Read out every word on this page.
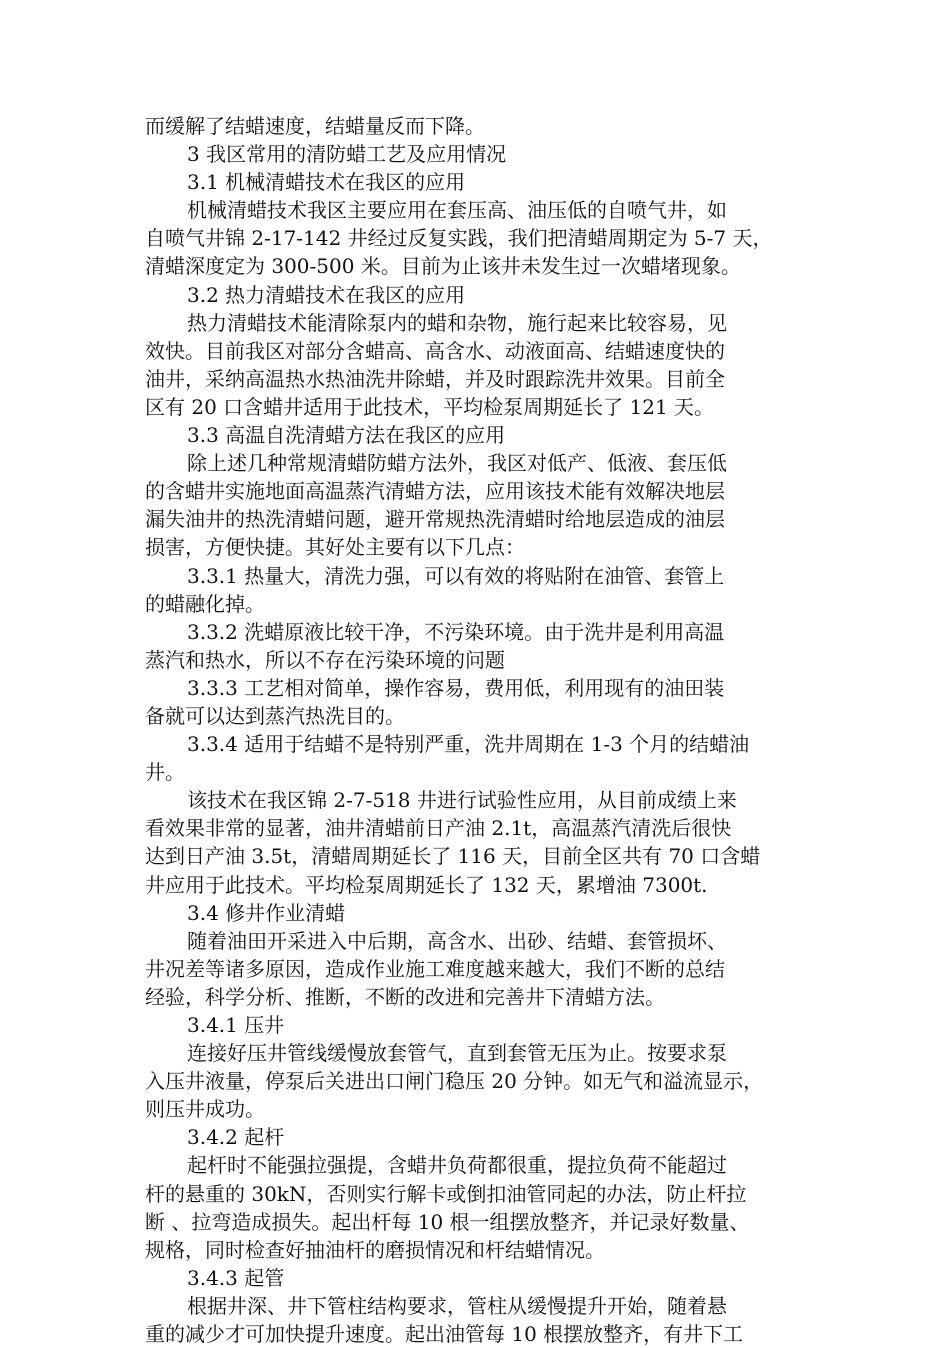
而缓解了结蜡速度，结蜡量反而下降。
3 我区常用的清防蜡工艺及应用情况
3.1 机械清蜡技术在我区的应用
机械清蜡技术我区主要应用在套压高、油压低的自喷气井，如
自喷气井锦 2-17-142 井经过反复实践，我们把清蜡周期定为 5-7 天，
清蜡深度定为 300-500 米。目前为止该井未发生过一次蜡堵现象。
3.2 热力清蜡技术在我区的应用
热力清蜡技术能清除泵内的蜡和杂物，施行起来比较容易，见
效快。目前我区对部分含蜡高、高含水、动液面高、结蜡速度快的
油井，采纳高温热水热油洗井除蜡，并及时跟踪洗井效果。目前全
区有 20 口含蜡井适用于此技术，平均检泵周期延长了 121 天。
3.3 高温自洗清蜡方法在我区的应用
除上述几种常规清蜡防蜡方法外，我区对低产、低液、套压低
的含蜡井实施地面高温蒸汽清蜡方法，应用该技术能有效解决地层
漏失油井的热洗清蜡问题，避开常规热洗清蜡时给地层造成的油层
损害，方便快捷。其好处主要有以下几点：
3.3.1 热量大，清洗力强，可以有效的将贴附在油管、套管上
的蜡融化掉。
3.3.2 洗蜡原液比较干净，不污染环境。由于洗井是利用高温
蒸汽和热水，所以不存在污染环境的问题
3.3.3 工艺相对简单，操作容易，费用低，利用现有的油田装
备就可以达到蒸汽热洗目的。
3.3.4 适用于结蜡不是特别严重，洗井周期在 1-3 个月的结蜡油
井。
该技术在我区锦 2-7-518 井进行试验性应用，从目前成绩上来
看效果非常的显著，油井清蜡前日产油 2.1t，高温蒸汽清洗后很快
达到日产油 3.5t，清蜡周期延长了 116 天，目前全区共有 70 口含蜡
井应用于此技术。平均检泵周期延长了 132 天，累增油 7300t.
3.4 修井作业清蜡
随着油田开采进入中后期，高含水、出砂、结蜡、套管损坏、
井况差等诸多原因，造成作业施工难度越来越大，我们不断的总结
经验，科学分析、推断，不断的改进和完善井下清蜡方法。
3.4.1 压井
连接好压井管线缓慢放套管气，直到套管无压为止。按要求泵
入压井液量，停泵后关进出口闸门稳压 20 分钟。如无气和溢流显示，
则压井成功。
3.4.2 起杆
起杆时不能强拉强提，含蜡井负荷都很重，提拉负荷不能超过
杆的悬重的 30kN，否则实行解卡或倒扣油管同起的办法，防止杆拉
断 、拉弯造成损失。起出杆每 10 根一组摆放整齐，并记录好数量、
规格，同时检查好抽油杆的磨损情况和杆结蜡情况。
3.4.3 起管
根据井深、井下管柱结构要求，管柱从缓慢提升开始，随着悬
重的减少才可加快提升速度。起出油管每 10 根摆放整齐，有井下工
